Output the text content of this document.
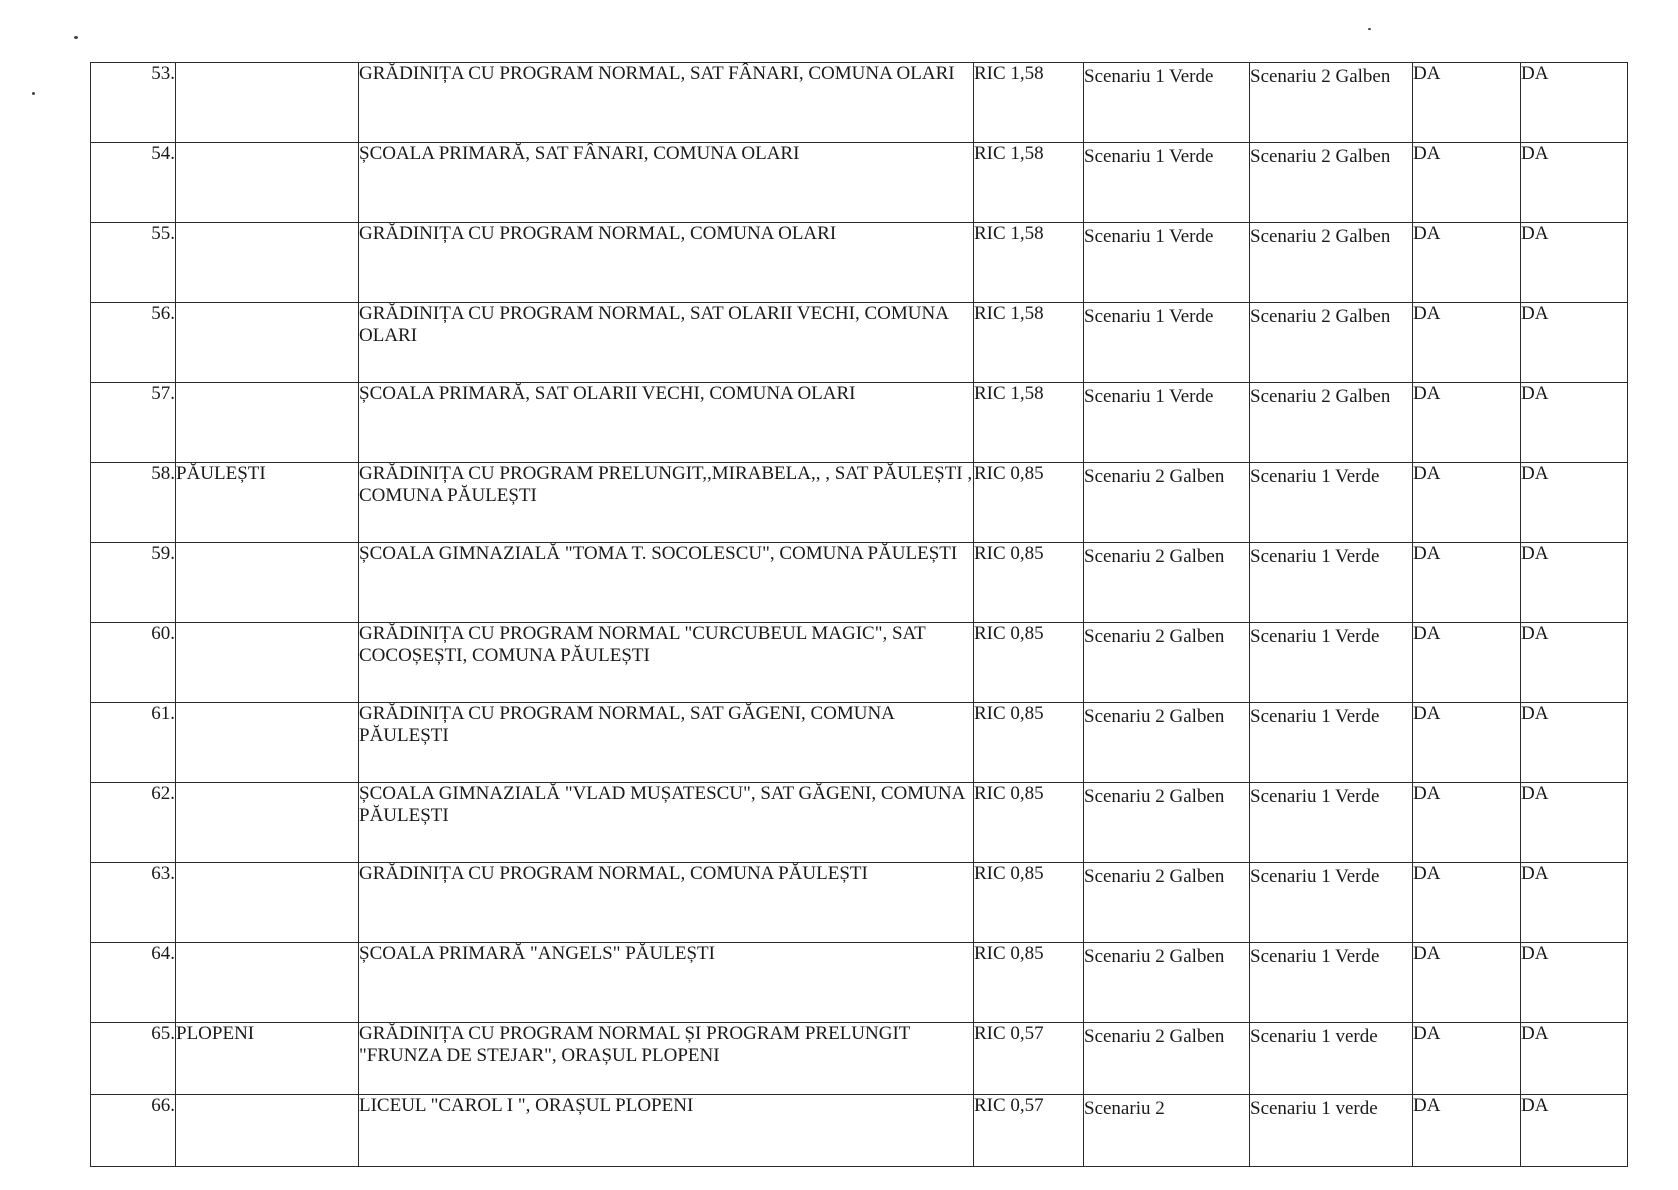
53.		GRĂDINIȚA CU PROGRAM NORMAL, SAT FÂNARI, COMUNA OLARI	RIC 1,58	Scenariu 1 Verde	Scenariu 2 Galben	DA	DA
54.		ȘCOALA PRIMARĂ, SAT FÂNARI, COMUNA OLARI	RIC 1,58	Scenariu 1 Verde	Scenariu 2 Galben	DA	DA
55.		GRĂDINIȚA CU PROGRAM NORMAL, COMUNA OLARI	RIC 1,58	Scenariu 1 Verde	Scenariu 2 Galben	DA	DA
56.		GRĂDINIȚA CU PROGRAM NORMAL, SAT OLARII VECHI, COMUNA OLARI	RIC 1,58	Scenariu 1 Verde	Scenariu 2 Galben	DA	DA
57.		ȘCOALA PRIMARĂ, SAT OLARII VECHI, COMUNA OLARI	RIC 1,58	Scenariu 1 Verde	Scenariu 2 Galben	DA	DA
58.	PĂULEȘTI	GRĂDINIȚA CU PROGRAM PRELUNGIT,,MIRABELA,, , SAT PĂULEȘTI , COMUNA PĂULEȘTI	RIC 0,85	Scenariu 2 Galben	Scenariu 1 Verde	DA	DA
59.		ȘCOALA GIMNAZIALĂ "TOMA T. SOCOLESCU", COMUNA PĂULEȘTI	RIC 0,85	Scenariu 2 Galben	Scenariu 1 Verde	DA	DA
60.		GRĂDINIȚA CU PROGRAM NORMAL "CURCUBEUL MAGIC", SAT COCOȘEȘTI, COMUNA PĂULEȘTI	RIC 0,85	Scenariu 2 Galben	Scenariu 1 Verde	DA	DA
61.		GRĂDINIȚA CU PROGRAM NORMAL, SAT GĂGENI, COMUNA PĂULEȘTI	RIC 0,85	Scenariu 2 Galben	Scenariu 1 Verde	DA	DA
62.		ȘCOALA GIMNAZIALĂ "VLAD MUȘATESCU", SAT GĂGENI, COMUNA PĂULEȘTI	RIC 0,85	Scenariu 2 Galben	Scenariu 1 Verde	DA	DA
63.		GRĂDINIȚA CU PROGRAM NORMAL, COMUNA PĂULEȘTI	RIC 0,85	Scenariu 2 Galben	Scenariu 1 Verde	DA	DA
64.		ȘCOALA PRIMARĂ "ANGELS" PĂULEȘTI	RIC 0,85	Scenariu 2 Galben	Scenariu 1 Verde	DA	DA
65.	PLOPENI	GRĂDINIȚA CU PROGRAM NORMAL ȘI PROGRAM PRELUNGIT "FRUNZA DE STEJAR", ORAȘUL PLOPENI	RIC 0,57	Scenariu 2 Galben	Scenariu 1 verde	DA	DA
66.		LICEUL "CAROL I ", ORAȘUL PLOPENI	RIC 0,57	Scenariu 2	Scenariu 1 verde	DA	DA
